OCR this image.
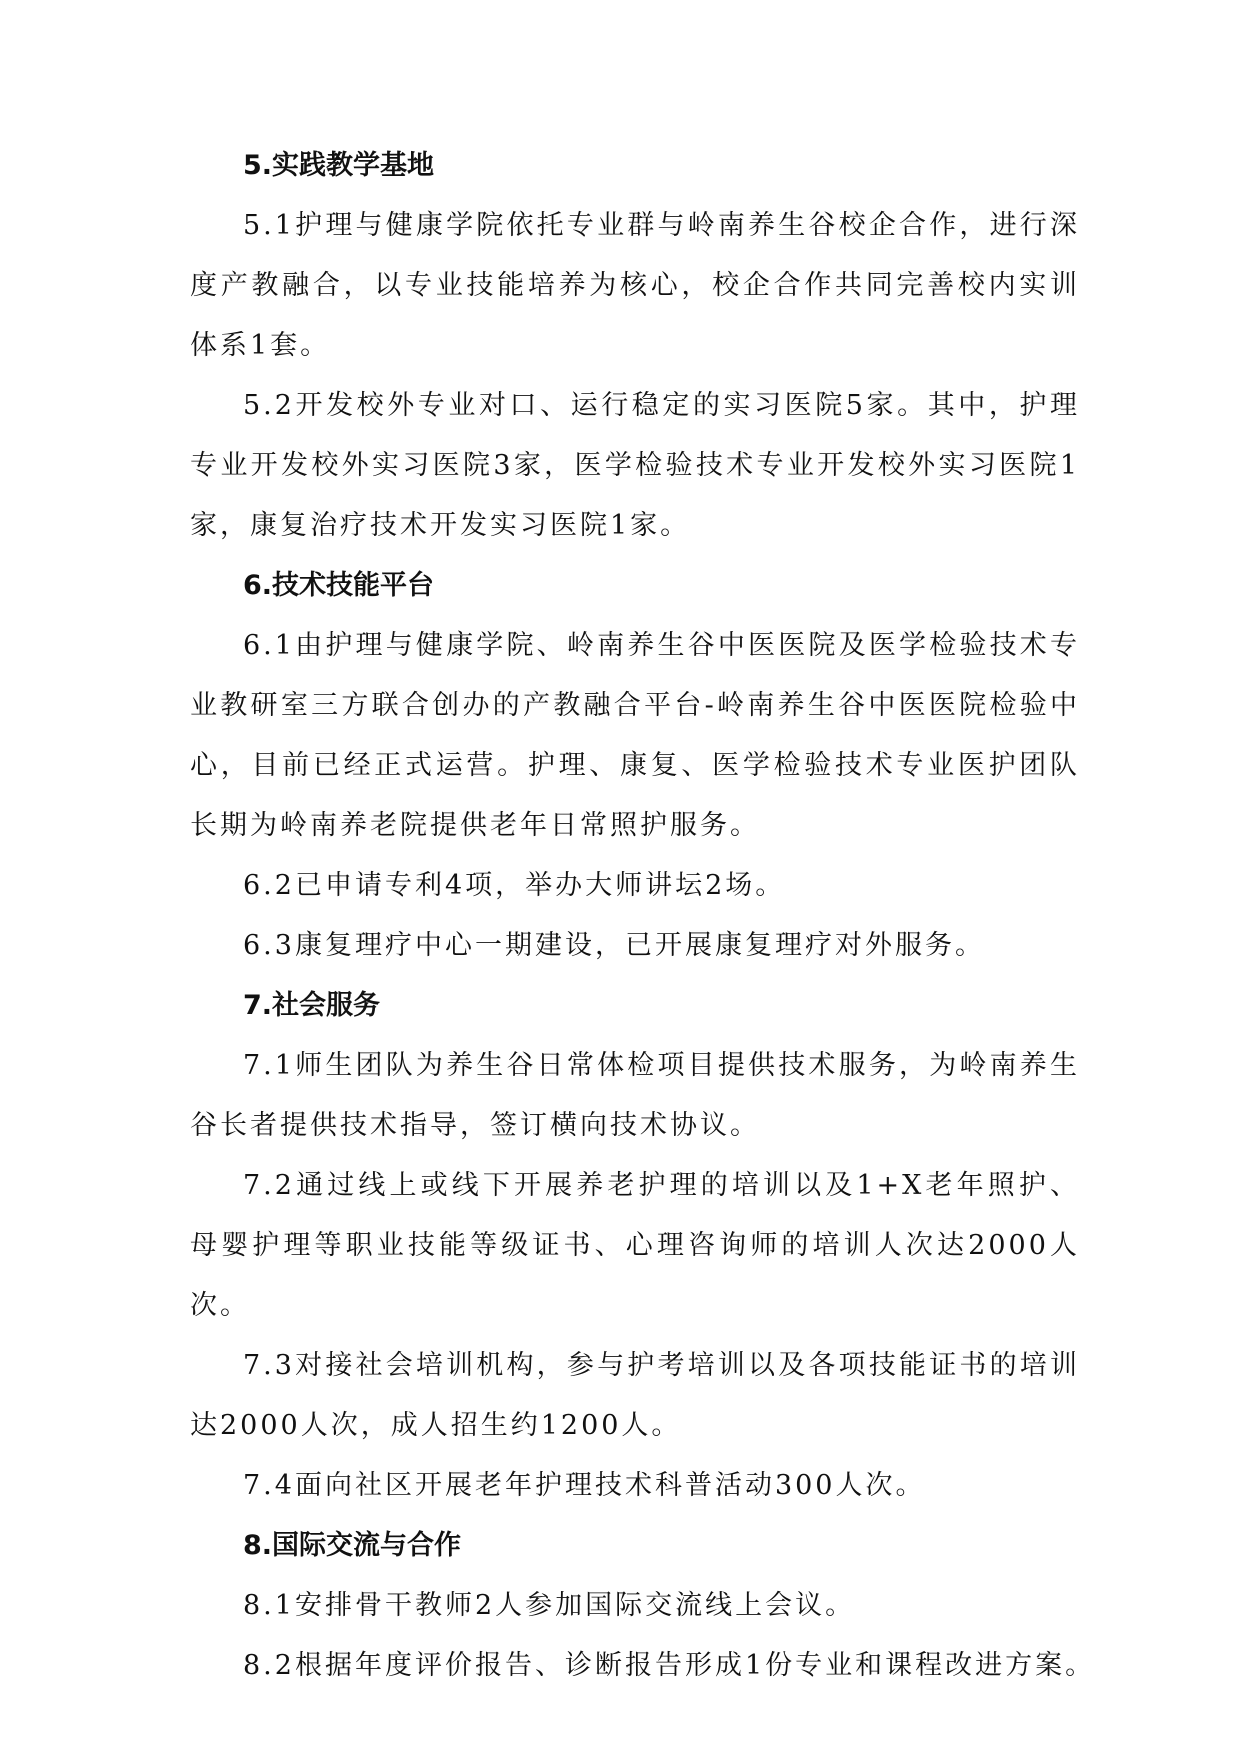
5.实践教学基地

5.1护理与健康学院依托专业群与岭南养生谷校企合作，进行深度产教融合，以专业技能培养为核心，校企合作共同完善校内实训体系1套。

5.2开发校外专业对口、运行稳定的实习医院5家。其中，护理专业开发校外实习医院3家，医学检验技术专业开发校外实习医院1家，康复治疗技术开发实习医院1家。

6.技术技能平台

6.1由护理与健康学院、岭南养生谷中医医院及医学检验技术专业教研室三方联合创办的产教融合平台-岭南养生谷中医医院检验中心，目前已经正式运营。护理、康复、医学检验技术专业医护团队长期为岭南养老院提供老年日常照护服务。

6.2已申请专利4项，举办大师讲坛2场。

6.3康复理疗中心一期建设，已开展康复理疗对外服务。

7.社会服务

7.1师生团队为养生谷日常体检项目提供技术服务，为岭南养生谷长者提供技术指导，签订横向技术协议。

7.2通过线上或线下开展养老护理的培训以及1+X老年照护、母婴护理等职业技能等级证书、心理咨询师的培训人次达2000人次。

7.3对接社会培训机构，参与护考培训以及各项技能证书的培训达2000人次，成人招生约1200人。

7.4面向社区开展老年护理技术科普活动300人次。

8.国际交流与合作

8.1安排骨干教师2人参加国际交流线上会议。

8.2根据年度评价报告、诊断报告形成1份专业和课程改进方案。
